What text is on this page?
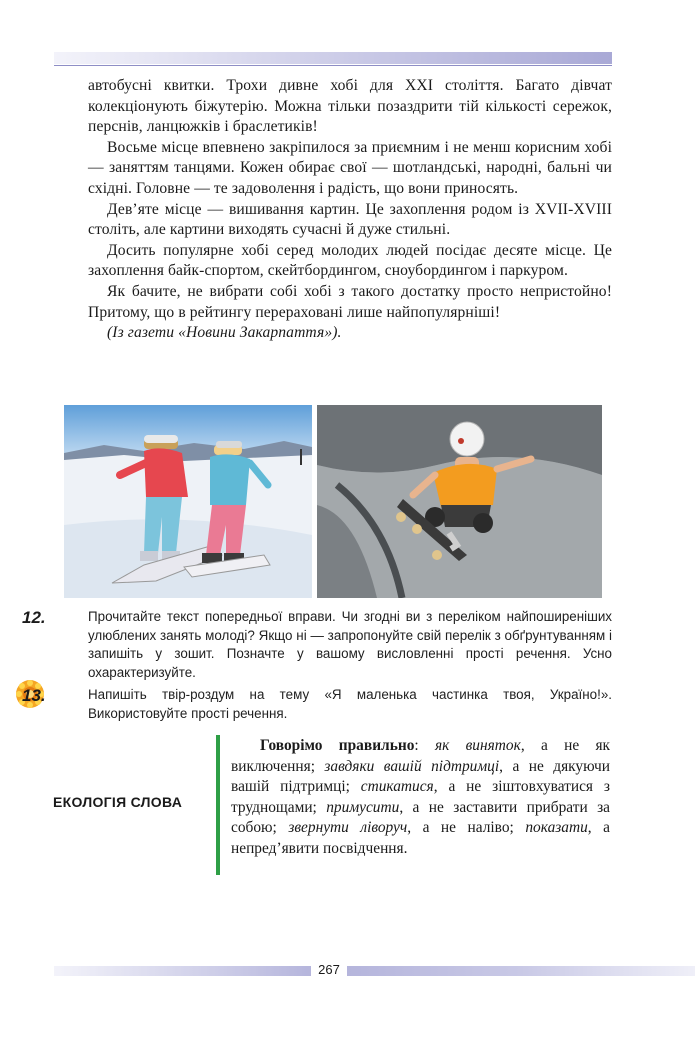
автобусні квитки. Трохи дивне хобі для XXI століття. Багато дівчат колекціонують біжутерію. Можна тільки позаздрити тій кількості сережок, перснів, ланцюжків і браслетиків!

Восьме місце впевнено закріпилося за приємним і не менш корисним хобі — заняттям танцями. Кожен обирає свої — шотландські, народні, бальні чи східні. Головне — те задоволення і радість, що вони приносять.

Дев’яте місце — вишивання картин. Це захоплення родом із XVII-XVIII століть, але картини виходять сучасні й дуже стильні.

Досить популярне хобі серед молодих людей посідає десяте місце. Це захоплення байк-спортом, скейтбордингом, сноубордингом і паркуром.

Як бачите, не вибрати собі хобі з такого достатку просто непристойно! Притому, що в рейтингу перераховані лише найпопулярніші!

(Із газети «Новини Закарпаття»).

12.	Прочитайте текст попередньої вправи. Чи згодні ви з переліком найпоширеніших улюблених занять молоді? Якщо ні — запропонуйте свій перелік з обґрунтуванням і запишіть у зошит. Позначте у вашому висловленні прості речення. Усно охарактеризуйте.
13.	Напишіть твір-роздум на тему «Я маленька частинка твоя, Україно!». Використовуйте прості речення.
ЕКОЛОГІЯ СЛОВА
Говорімо правильно: як виняток, а не як виключення; завдяки вашій підтримці, а не дякуючи вашій підтримці; стикатися, а не зіштовхуватися з труднощами; примусити, а не заставити прибрати за собою; звернути ліворуч, а не наліво; показати, а непред’явити посвідчення.
267
